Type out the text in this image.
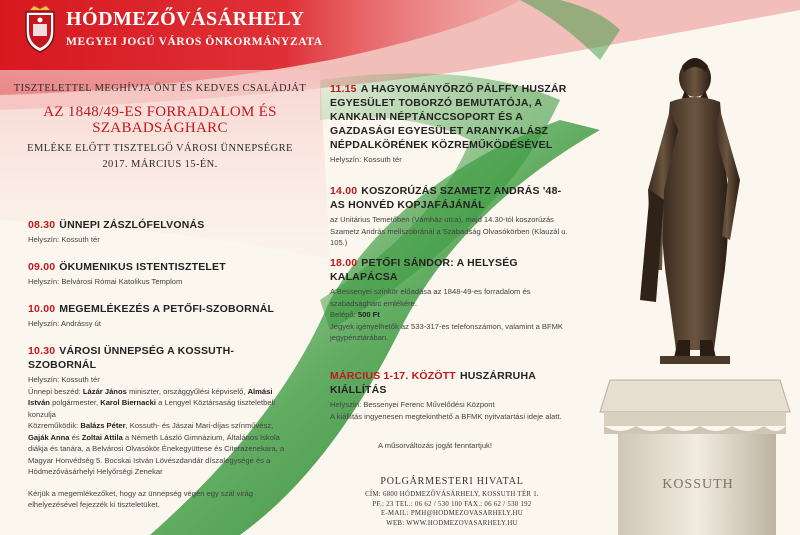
HÓDMEZŐVÁSÁRHELY
MEGYEI JOGÚ VÁROS ÖNKORMÁNYZATA
TISZTELETTEL MEGHÍVJA ÖNT ÉS KEDVES CSALÁDJÁT
AZ 1848/49-ES FORRADALOM ÉS SZABADSÁGHARC
EMLÉKE ELŐTT TISZTELGŐ VÁROSI ÜNNEPSÉGRE
2017. MÁRCIUS 15-ÉN.
08.30 ÜNNEPI ZÁSZLÓFELVONÁS
Helyszín: Kossuth tér
09.00 ÖKUMENIKUS ISTENTISZTELET
Helyszín: Belvárosi Római Katolikus Templom
10.00 MEGEMLÉKEZÉS A PETŐFI-SZOBORNÁL
Helyszín: Andrássy út
10.30 VÁROSI ÜNNEPSÉG A KOSSUTH-SZOBORNÁL
Helyszín: Kossuth tér
Ünnepi beszéd: Lázár János miniszter, országgyűlési képviselő, Almási István polgármester, Karol Biernacki a Lengyel Köztársaság tiszteletbeli konzulja
Közreműködik: Balázs Péter, Kossuth- és Jászai Mari-díjas színművész, Gaják Anna és Zoltai Attila a Németh László Gimnázium, Általános Iskola diákja és tanára, a Belvárosi Olvasókör Énekegyüttese és Citerazenekara, a Magyar Honvédség 5. Bocskai István Lövészdandár díszalegysége és a Hódmezővásárhelyi Helyőrségi Zenekar
Kérjük a megemlékezőket, hogy az ünnepség végén egy szál virág elhelyezésével fejezzék ki tiszteletüket.
11.15 A HAGYOMÁNYŐRZŐ PÁLFFY HUSZÁR EGYESÜLET TOBORZÓ BEMUTATÓJA, A KANKALIN NÉPTÁNCCSOPORT ÉS A GAZDASÁGI EGYESÜLET ARANYKALÁSZ NÉPDALKÖRÉNEK KÖZREMŰKÖDÉSÉVEL
Helyszín: Kossuth tér
14.00 KOSZORÚZÁS SZAMETZ ANDRÁS '48-AS HONVÉD KOPJAFÁJÁNÁL
az Unitárius Temetőben (Vámház utca), majd 14.30-tól koszorúzás Szametz András mellszobránál a Szabadság Olvasókörben (Klauzál u. 105.)
18.00 PETŐFI SÁNDOR: A HELYSÉG KALAPÁCSA
A Bessenyei színkör előadása az 1848-49-es forradalom és szabadságharc emlékére.
Belépő: 500 Ft
Jegyek igényelhetők az 533-317-es telefonszámon, valamint a BFMK jegypénztárában.
MÁRCIUS 1-17. KÖZÖTT HUSZÁRRUHA KIÁLLÍTÁS
Helyszín: Bessenyei Ferenc Művelődési Központ
A kiállítás ingyenesen megtekinthető a BFMK nyitvatartási ideje alatt.
A műsorváltozás jogát fenntartjuk!
POLGÁRMESTERI HIVATAL
CÍM: 6800 HÓDMEZŐVÁSÁRHELY, KOSSUTH TÉR 1.
PF.: 23 TEL.: 06 62 / 530 100 FAX.: 06 62 / 530 192
E-MAIL: PMH@HODMEZOVASARHELY.HU
WEB: WWW.HODMEZOVASARHELY.HU
KOSSUTH
